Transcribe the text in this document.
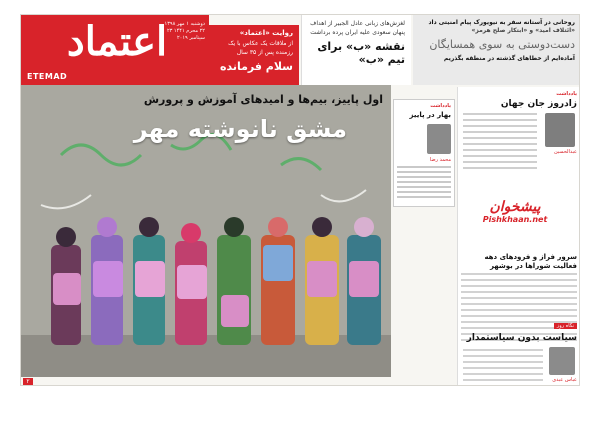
دوشنبه ۱ مهر ۱۳۹۸ ۲۲ محرم ۱۴۴۱ ۲۳ سپتامبر ۲۰۱۹
اعتماد
ETEMAD
روایت «اعتماد»
از ملاقات یک عکاس با یک رزمنده پس از ۳۵ سال
سلام فرمانده
لغزش‌های زبانی عادل الجبیر از اهداف پنهان سعودی علیه ایران پرده برداشت
نقشه «ب» برای تیم «ب»
روحانی در آستانه سفر به نیویورک پیام امنیتی داد
«ائتلاف امید» و «ابتکار صلح هرمز»
دست‌دوستی به سوی همسایگان
آماده‌ایم از خطاهای گذشته در منطقه بگذریم
اول پاییز، بیم‌ها و امیدهای آموزش و پرورش
مشق نانوشته مهر
۲
یادداشت
بهار در پاییز
محمد رضا
یادداشت
زادروز جان جهان
عبدالحسین
پیشخوان
Pishkhaan.net
سرور فراز و فرودهای دهه فعالیت شوراها در بوشهر
نگاه روز
سیاست بدون سیاستمدار
عباس عبدی
